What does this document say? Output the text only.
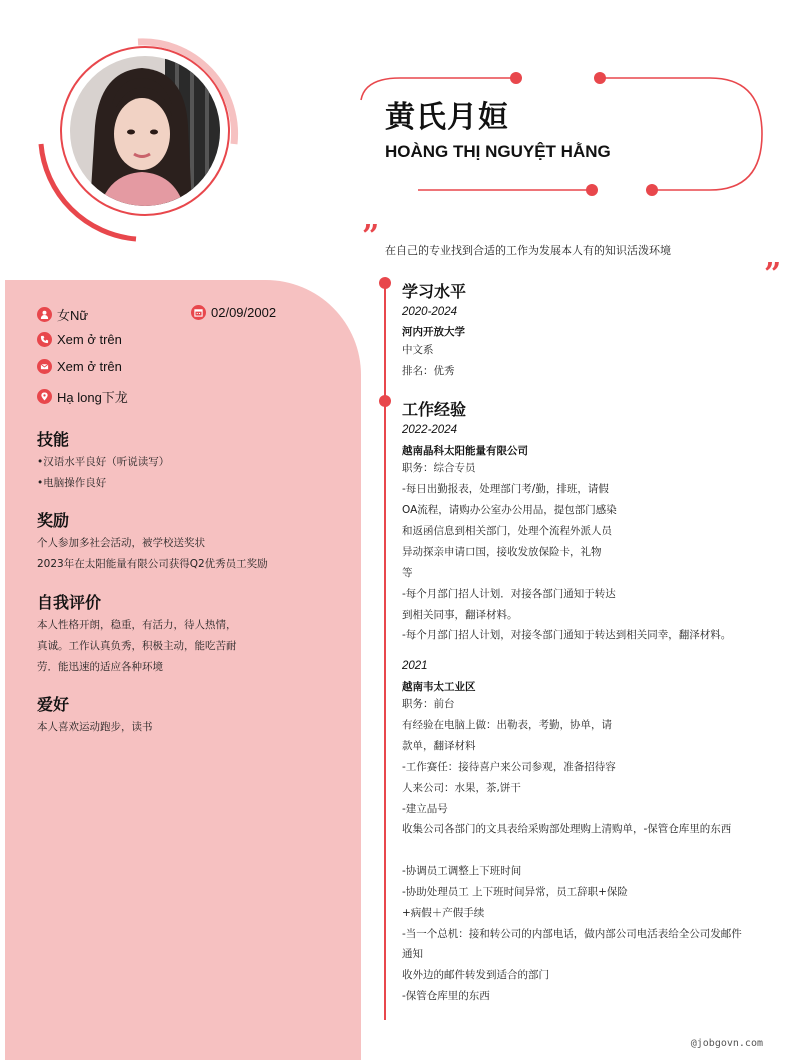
黄氏月姮
HOÀNG THỊ NGUYỆT HẰNG
” 在自己的专业找到合适的工作为发展本人有的知识活泼环境
”
女Nữ	02/09/2002
Xem ở trên
Xem ở trên
Hạ long下龙
技能
•汉语水平良好（听说读写）
•电脑操作良好
奖励
个人参加多社会活动，被学校送奖状
2023年在太阳能量有限公司获得Q2优秀员工奖励
自我评价
本人性格开朗，稳重，有活力，待人热情，
真诚。工作认真负秀，积极主动，能吃苦耐
劳．能迅速的适应各种环境
爱好
本人喜欢运动跑步，读书
学习水平
2020-2024
河内开放大学
中文系
排名：优秀
工作经验
2022-2024
越南晶科太阳能量有限公司
职务：综合专员
-每日出勤报表，处理部门考/勤，排班，请假
OA流程，请购办公室办公用品，提包部门感染
和返函信息到相关部门，处理个流程外派人员
异动探亲申请口国，接收发放保险卡，礼物
等
-每个月部门招人计划．对接各部门通知于转达
到相关同事，翻译材料。
-每个月部门招人计划，对接冬部门通知于转达到相关同幸，翻泽材料。
2021
越南韦太工业区
职务：前台
有经验在电脑上做：出勒表，考勤，协单，请
款单，翻译材料
-工作赛任：接待喜户来公司参观，准备招待容
人来公司：水果，茶,饼干
-建立品号
收集公司各部门的文具表给采购部处理购上清购单，-保管仓库里的东西
-协调员工调整上下班时间
-协助处理员工 上下班时间异常，员工辞职+保险
+病假＋产假手续
-当一个总机：接和转公司的内部电话，做内部公司电活表给全公司发邮件
通知
收外边的邮件转发到适合的部门
-保管仓库里的东西
@jobgovn.com
